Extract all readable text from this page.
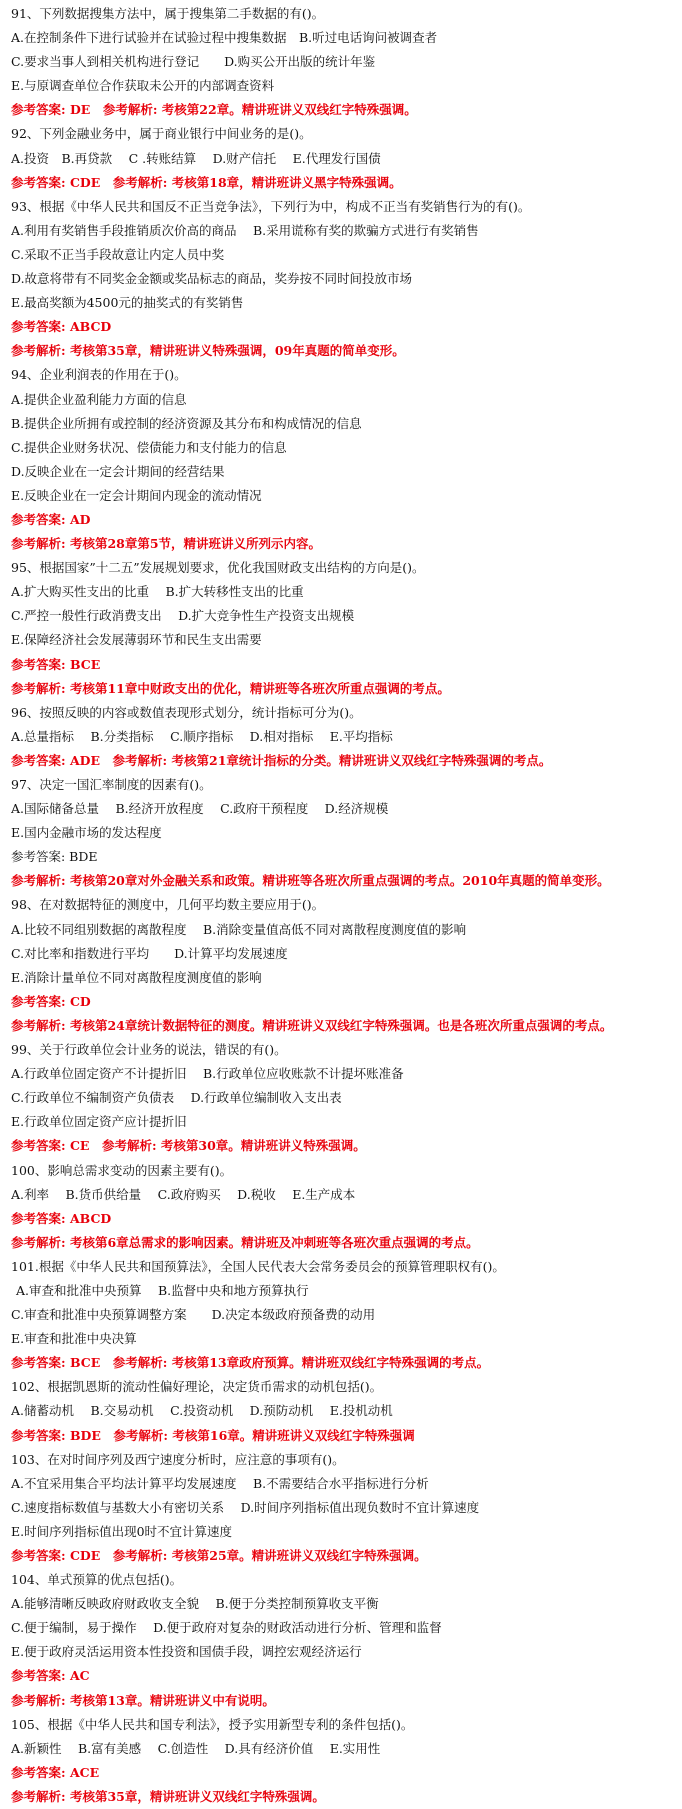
91、下列数据搜集方法中，属于搜集第二手数据的有()。
A.在控制条件下进行试验并在试验过程中搜集数据　B.听过电话询问被调查者
C.要求当事人到相关机构进行登记　　D.购买公开出版的统计年鉴
E.与原调查单位合作获取未公开的内部调查资料
参考答案: DE　参考解析: 考核第22章。精讲班讲义双线红字特殊强调。
92、下列金融业务中，属于商业银行中间业务的是()。
A.投资　B.再贷款　 C .转账结算　 D.财产信托　 E.代理发行国债
参考答案: CDE　参考解析: 考核第18章，精讲班讲义黑字特殊强调。
93、根据《中华人民共和国反不正当竞争法》，下列行为中，构成不正当有奖销售行为的有()。
A.利用有奖销售手段推销质次价高的商品　 B.采用谎称有奖的欺骗方式进行有奖销售
C.采取不正当手段故意让内定人员中奖
D.故意将带有不同奖金金额或奖品标志的商品，奖券按不同时间投放市场
E.最高奖额为4500元的抽奖式的有奖销售
参考答案: ABCD
参考解析: 考核第35章，精讲班讲义特殊强调，09年真题的简单变形。
94、企业利润表的作用在于()。
A.提供企业盈利能力方面的信息
B.提供企业所拥有或控制的经济资源及其分布和构成情况的信息
C.提供企业财务状况、偿债能力和支付能力的信息
D.反映企业在一定会计期间的经营结果
E.反映企业在一定会计期间内现金的流动情况
参考答案: AD
参考解析: 考核第28章第5节，精讲班讲义所列示内容。
95、根据国家”十二五”发展规划要求，优化我国财政支出结构的方向是()。
A.扩大购买性支出的比重　 B.扩大转移性支出的比重
C.严控一般性行政消费支出　 D.扩大竞争性生产投资支出规模
E.保障经济社会发展薄弱环节和民生支出需要
参考答案: BCE
参考解析: 考核第11章中财政支出的优化，精讲班等各班次所重点强调的考点。
96、按照反映的内容或数值表现形式划分，统计指标可分为()。
A.总量指标　 B.分类指标　 C.顺序指标　 D.相对指标　 E.平均指标
参考答案: ADE　参考解析: 考核第21章统计指标的分类。精讲班讲义双线红字特殊强调的考点。
97、决定一国汇率制度的因素有()。
A.国际储备总量　 B.经济开放程度　 C.政府干预程度　 D.经济规模
E.国内金融市场的发达程度
参考答案: BDE
参考解析: 考核第20章对外金融关系和政策。精讲班等各班次所重点强调的考点。2010年真题的简单变形。
98、在对数据特征的测度中，几何平均数主要应用于()。
A.比较不同组别数据的离散程度　 B.消除变量值高低不同对离散程度测度值的影响
C.对比率和指数进行平均　　D.计算平均发展速度
E.消除计量单位不同对离散程度测度值的影响
参考答案: CD
参考解析: 考核第24章统计数据特征的测度。精讲班讲义双线红字特殊强调。也是各班次所重点强调的考点。
99、关于行政单位会计业务的说法，错误的有()。
A.行政单位固定资产不计提折旧　 B.行政单位应收账款不计提坏账准备
C.行政单位不编制资产负债表　 D.行政单位编制收入支出表
E.行政单位固定资产应计提折旧
参考答案: CE　参考解析: 考核第30章。精讲班讲义特殊强调。
100、影响总需求变动的因素主要有()。
A.利率　 B.货币供给量　 C.政府购买　 D.税收　 E.生产成本
参考答案: ABCD
参考解析: 考核第6章总需求的影响因素。精讲班及冲刺班等各班次重点强调的考点。
101.根据《中华人民共和国预算法》，全国人民代表大会常务委员会的预算管理职权有()。
A.审查和批准中央预算　 B.监督中央和地方预算执行
C.审查和批准中央预算调整方案　　D.决定本级政府预备费的动用
E.审查和批准中央决算
参考答案: BCE　参考解析: 考核第13章政府预算。精讲班双线红字特殊强调的考点。
102、根据凯恩斯的流动性偏好理论，决定货币需求的动机包括()。
A.储蓄动机　 B.交易动机　 C.投资动机　 D.预防动机　 E.投机动机
参考答案: BDE　参考解析: 考核第16章。精讲班讲义双线红字特殊强调
103、在对时间序列及西宁速度分析时，应注意的事项有()。
A.不宜采用集合平均法计算平均发展速度　 B.不需要结合水平指标进行分析
C.速度指标数值与基数大小有密切关系　 D.时间序列指标值出现负数时不宜计算速度
E.时间序列指标值出现0时不宜计算速度
参考答案: CDE　参考解析: 考核第25章。精讲班讲义双线红字特殊强调。
104、单式预算的优点包括()。
A.能够清晰反映政府财政收支全貌　 B.便于分类控制预算收支平衡
C.便于编制，易于操作　 D.便于政府对复杂的财政活动进行分析、管理和监督
E.便于政府灵活运用资本性投资和国债手段，调控宏观经济运行
参考答案: AC
参考解析: 考核第13章。精讲班讲义中有说明。
105、根据《中华人民共和国专利法》，授予实用新型专利的条件包括()。
A.新颖性　 B.富有美感　 C.创造性　 D.具有经济价值　 E.实用性
参考答案: ACE
参考解析: 考核第35章，精讲班讲义双线红字特殊强调。
